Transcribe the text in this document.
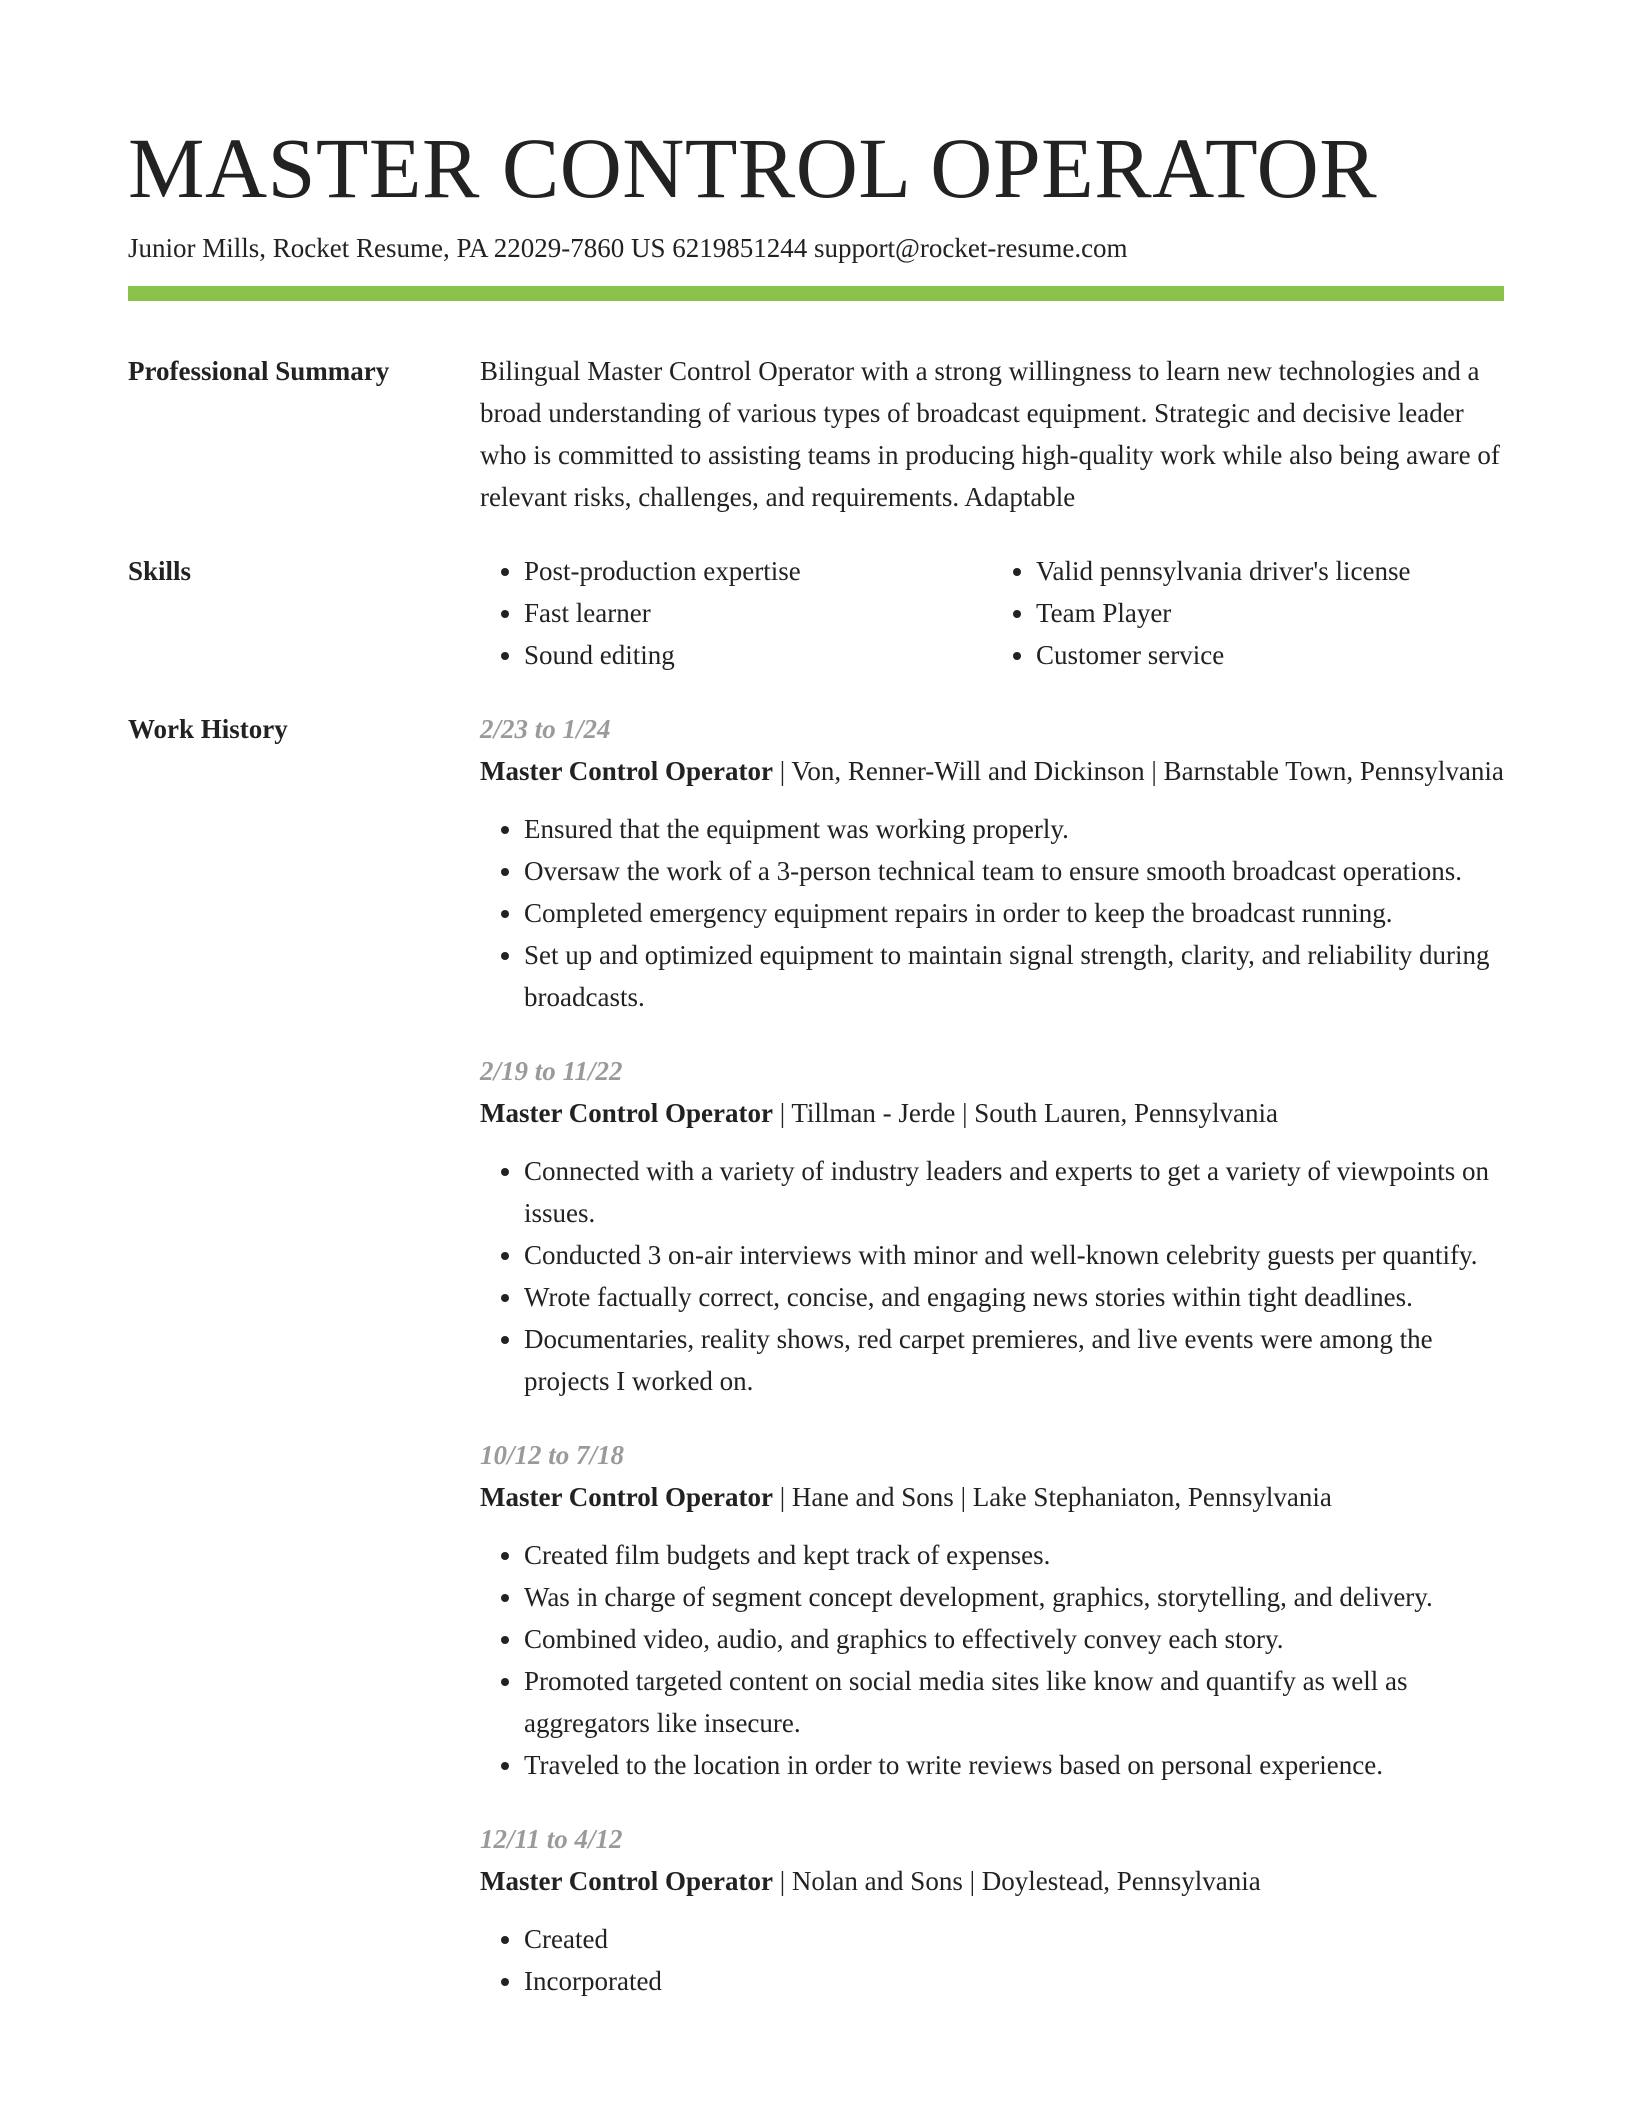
MASTER CONTROL OPERATOR
Junior Mills, Rocket Resume, PA 22029-7860 US 6219851244 support@rocket-resume.com
Professional Summary	Bilingual Master Control Operator with a strong willingness to learn new technologies and a broad understanding of various types of broadcast equipment. Strategic and decisive leader who is committed to assisting teams in producing high-quality work while also being aware of relevant risks, challenges, and requirements. Adaptable

Skills
•	Post-production expertise
• Fast learner
• Sound editing
• Valid pennsylvania driver's license
• Team Player
• Customer service
Work History	2/23 to 1/24
Master Control Operator | Von, Renner-Will and Dickinson | Barnstable Town, Pennsylvania
• Ensured that the equipment was working properly.
• Oversaw the work of a 3-person technical team to ensure smooth broadcast operations.
• Completed emergency equipment repairs in order to keep the broadcast running.
• Set up and optimized equipment to maintain signal strength, clarity, and reliability during broadcasts.
2/19 to 11/22
Master Control Operator | Tillman - Jerde | South Lauren, Pennsylvania
• Connected with a variety of industry leaders and experts to get a variety of viewpoints on issues.
• Conducted 3 on-air interviews with minor and well-known celebrity guests per quantify.
• Wrote factually correct, concise, and engaging news stories within tight deadlines.
• Documentaries, reality shows, red carpet premieres, and live events were among the projects I worked on.
10/12 to 7/18
Master Control Operator | Hane and Sons | Lake Stephaniaton, Pennsylvania
• Created film budgets and kept track of expenses.
• Was in charge of segment concept development, graphics, storytelling, and delivery.
• Combined video, audio, and graphics to effectively convey each story.
• Promoted targeted content on social media sites like know and quantify as well as aggregators like insecure.
• Traveled to the location in order to write reviews based on personal experience.
12/11 to 4/12
Master Control Operator | Nolan and Sons | Doylestead, Pennsylvania
• Created
• Incorporated
